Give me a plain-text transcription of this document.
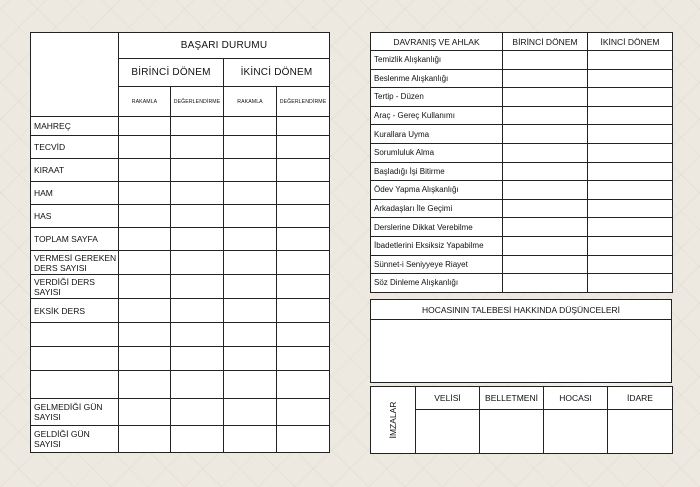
	BAŞARI DURUMU			
	BİRİNCİ DÖNEM		İKİNCİ DÖNEM	
	RAKAMLA	DEĞERLENDİRME	RAKAMLA	DEĞERLENDİRME
MAHREÇ				
TECVİD				
KIRAAT				
HAM				
HAS				
TOPLAM SAYFA				
VERMESİ GEREKEN DERS SAYISI				
VERDİĞİ DERS SAYISI				
EKSİK DERS				

GELMEDİĞİ GÜN SAYISI				
GELDİĞİ GÜN SAYISI				
DAVRANIŞ VE AHLAK	BİRİNCİ DÖNEM	İKİNCİ DÖNEM
Temizlik Alışkanlığı		
Beslenme Alışkanlığı		
Tertip - Düzen		
Araç - Gereç Kullanımı		
Kurallara Uyma		
Sorumluluk Alma		
Başladığı İşi Bitirme		
Ödev Yapma Alışkanlığı		
Arkadaşları İle Geçimi		
Derslerine Dikkat Verebilme		
İbadetlerini Eksiksiz Yapabilme		
Sünnet-i Seniyyeye Riayet		
Söz Dinleme Alışkanlığı		
HOCASININ TALEBESİ HAKKINDA DÜŞÜNCELERİ

İMZALAR	VELİSİ	BELLETMENİ	HOCASI	İDARE
